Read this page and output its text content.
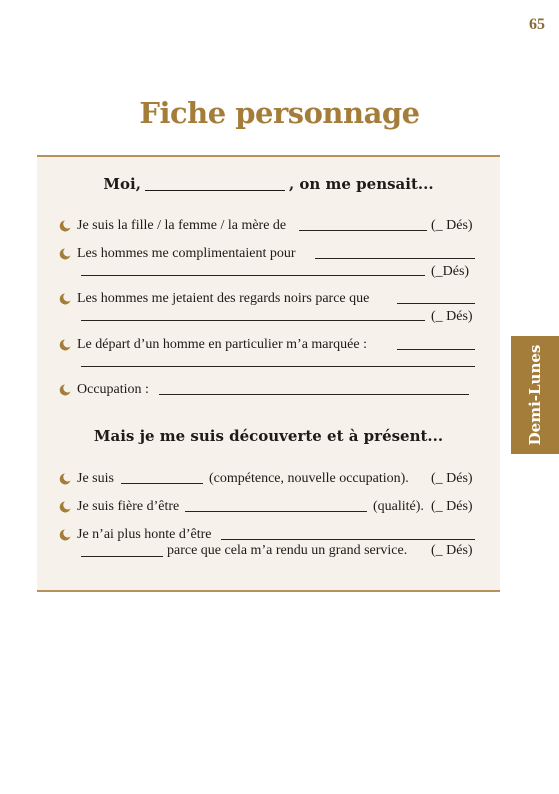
65
Fiche personnage
Moi,	, on me pensait...
Je suis la fille / la femme / la mère de	(_ Dés)
Les hommes me complimentaient pour
(_Dés)
Les hommes me jetaient des regards noirs parce que
(_ Dés)
Le départ d’un homme en particulier m’a marquée :
Occupation :
Mais je me suis découverte et à présent...
Je suis	(compétence, nouvelle occupation). (_ Dés)
Je suis fière d’être	(qualité). (_ Dés)
Je n’ai plus honte d’être
parce que cela m’a rendu un grand service. (_ Dés)
Demi-Lunes
